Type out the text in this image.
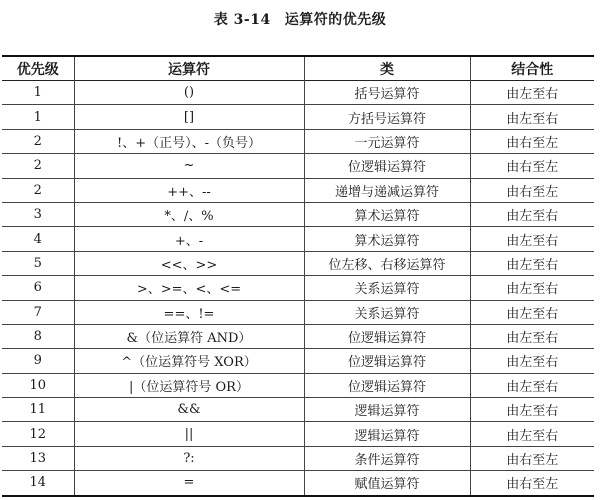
表 3-14 运算符的优先级
优先级	运算符	类	结合性
1	()	括号运算符	由左至右
1	[]	方括号运算符	由左至右
2	!、+（正号）、-（负号）	一元运算符	由右至左
2	~	位逻辑运算符	由右至左
2	++、--	递增与递减运算符	由右至左
3	*、/、%	算术运算符	由左至右
4	+、-	算术运算符	由左至右
5	<<、>>	位左移、右移运算符	由左至右
6	>、>=、<、<=	关系运算符	由左至右
7	==、!=	关系运算符	由左至右
8	&（位运算符 AND）	位逻辑运算符	由左至右
9	^（位运算符号 XOR）	位逻辑运算符	由左至右
10	|（位运算符号 OR）	位逻辑运算符	由左至右
11	&&	逻辑运算符	由左至右
12	||	逻辑运算符	由左至右
13	?:	条件运算符	由右至左
14	=	赋值运算符	由右至左
